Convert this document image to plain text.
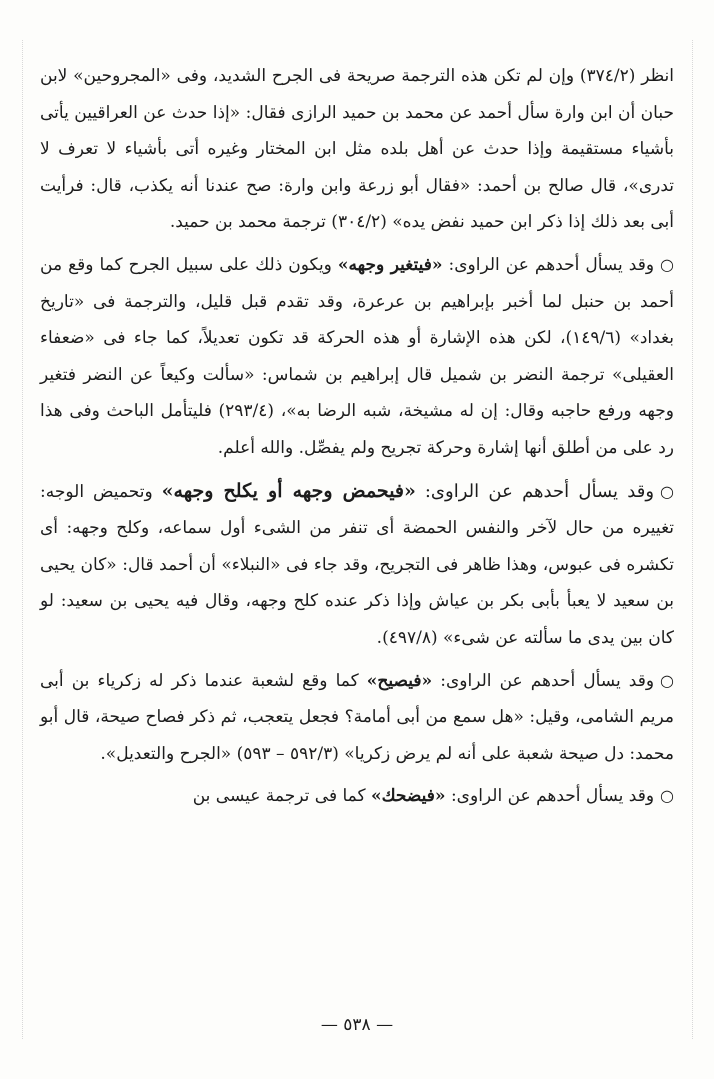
انظر (٣٧٤/٢) وإن لم تكن هذه الترجمة صريحة فى الجرح الشديد، وفى «المجروحين» لابن حبان أن ابن وارة سأل أحمد عن محمد بن حميد الرازى فقال: «إذا حدث عن العراقيين يأتى بأشياء مستقيمة وإذا حدث عن أهل بلده مثل ابن المختار وغيره أتى بأشياء لا تعرف لا تدرى»، قال صالح بن أحمد: «فقال أبو زرعة وابن وارة: صح عندنا أنه يكذب، قال: فرأيت أبى بعد ذلك إذا ذكر ابن حميد نفض يده» (٣٠٤/٢) ترجمة محمد بن حميد.

○وقد يسأل أحدهم عن الراوى: «فيتغير وجهه» ويكون ذلك على سبيل الجرح كما وقع من أحمد بن حنبل لما أخبر بإبراهيم بن عرعرة، وقد تقدم قبل قليل، والترجمة فى «تاريخ بغداد» (١٤٩/٦)، لكن هذه الإشارة أو هذه الحركة قد تكون تعديلاً، كما جاء فى «ضعفاء العقيلى» ترجمة النضر بن شميل قال إبراهيم بن شماس: «سألت وكيعاً عن النضر فتغير وجهه ورفع حاجبه وقال: إن له مشيخة، شبه الرضا به»، (٢٩٣/٤) فليتأمل الباحث وفى هذا رد على من أطلق أنها إشارة وحركة تجريح ولم يفصِّل. والله أعلم.

○وقد يسأل أحدهم عن الراوى: «فيحمض وجهه أو يكلح وجهه» وتحميض الوجه: تغييره من حال لآخر والنفس الحمضة أى تنفر من الشىء أول سماعه، وكلح وجهه: أى تكشره فى عبوس، وهذا ظاهر فى التجريح، وقد جاء فى «النبلاء» أن أحمد قال: «كان يحيى بن سعيد لا يعبأ بأبى بكر بن عياش وإذا ذكر عنده كلح وجهه، وقال فيه يحيى بن سعيد: لو كان بين يدى ما سألته عن شىء» (٤٩٧/٨).

○وقد يسأل أحدهم عن الراوى: «فيصيح» كما وقع لشعبة عندما ذكر له زكرياء بن أبى مريم الشامى، وقيل: «هل سمع من أبى أمامة؟ فجعل يتعجب، ثم ذكر فصاح صيحة، قال أبو محمد: دل صيحة شعبة على أنه لم يرض زكريا» (٥٩٢/٣ – ٥٩٣) «الجرح والتعديل».

○وقد يسأل أحدهم عن الراوى: «فيضحك» كما فى ترجمة عيسى بن

— ٥٣٨ —
